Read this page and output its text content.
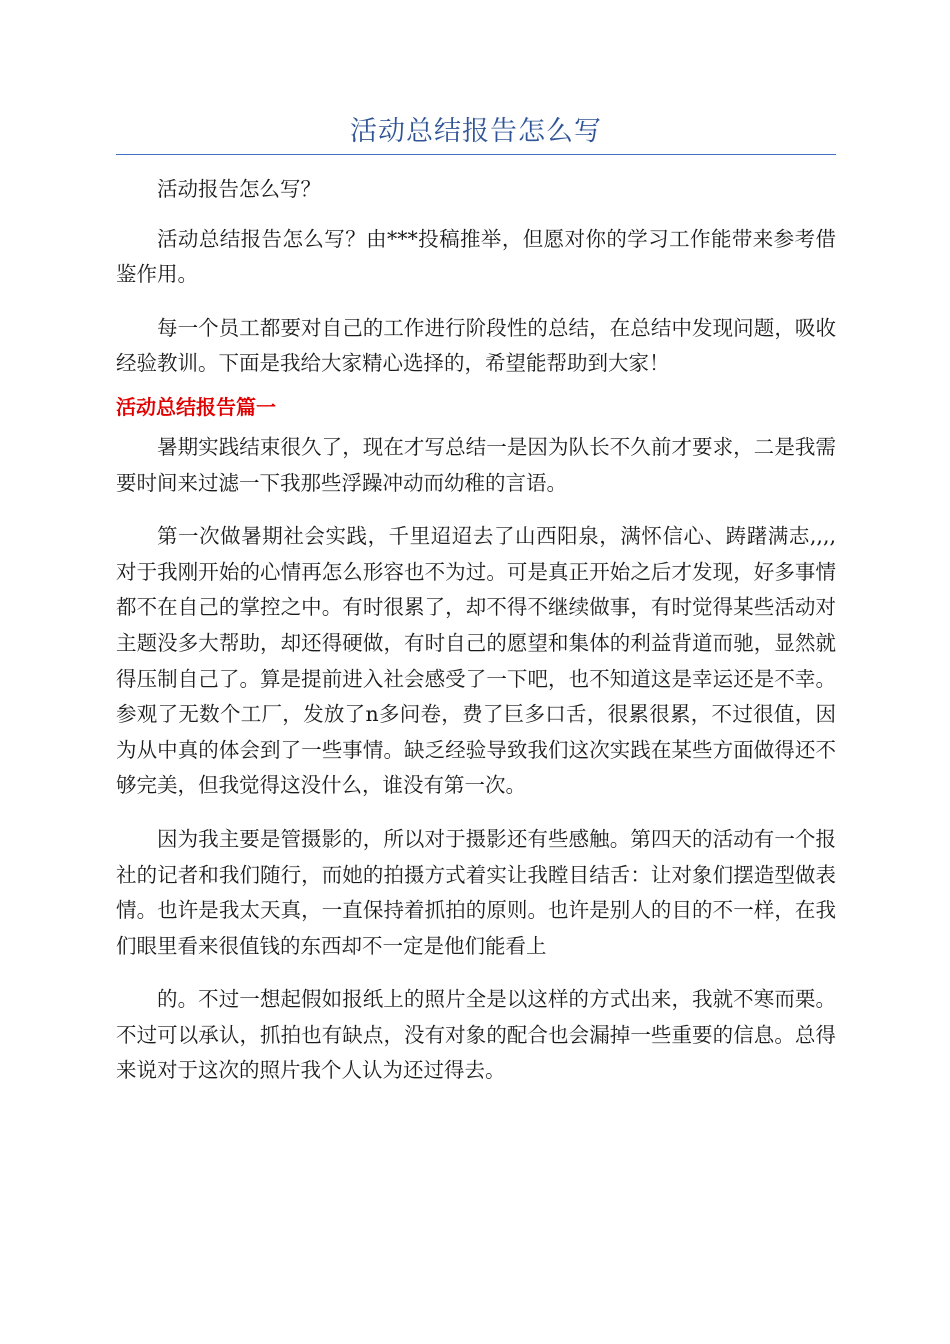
活动总结报告怎么写

活动报告怎么写？

活动总结报告怎么写？由***投稿推举，但愿对你的学习工作能带来参考借鉴作用。

每一个员工都要对自己的工作进行阶段性的总结，在总结中发现问题，吸收经验教训。下面是我给大家精心选择的，希望能帮助到大家！

活动总结报告篇一

暑期实践结束很久了，现在才写总结一是因为队长不久前才要求，二是我需要时间来过滤一下我那些浮躁冲动而幼稚的言语。

第一次做暑期社会实践，千里迢迢去了山西阳泉，满怀信心、踌躇满志,,,,对于我刚开始的心情再怎么形容也不为过。可是真正开始之后才发现，好多事情都不在自己的掌控之中。有时很累了，却不得不继续做事，有时觉得某些活动对主题没多大帮助，却还得硬做，有时自己的愿望和集体的利益背道而驰，显然就得压制自己了。算是提前进入社会感受了一下吧，也不知道这是幸运还是不幸。参观了无数个工厂，发放了n多问卷，费了巨多口舌，很累很累，不过很值，因为从中真的体会到了一些事情。缺乏经验导致我们这次实践在某些方面做得还不够完美，但我觉得这没什么，谁没有第一次。

因为我主要是管摄影的，所以对于摄影还有些感触。第四天的活动有一个报社的记者和我们随行，而她的拍摄方式着实让我瞠目结舌：让对象们摆造型做表情。也许是我太天真，一直保持着抓拍的原则。也许是别人的目的不一样，在我们眼里看来很值钱的东西却不一定是他们能看上

的。不过一想起假如报纸上的照片全是以这样的方式出来，我就不寒而栗。不过可以承认，抓拍也有缺点，没有对象的配合也会漏掉一些重要的信息。总得来说对于这次的照片我个人认为还过得去。
